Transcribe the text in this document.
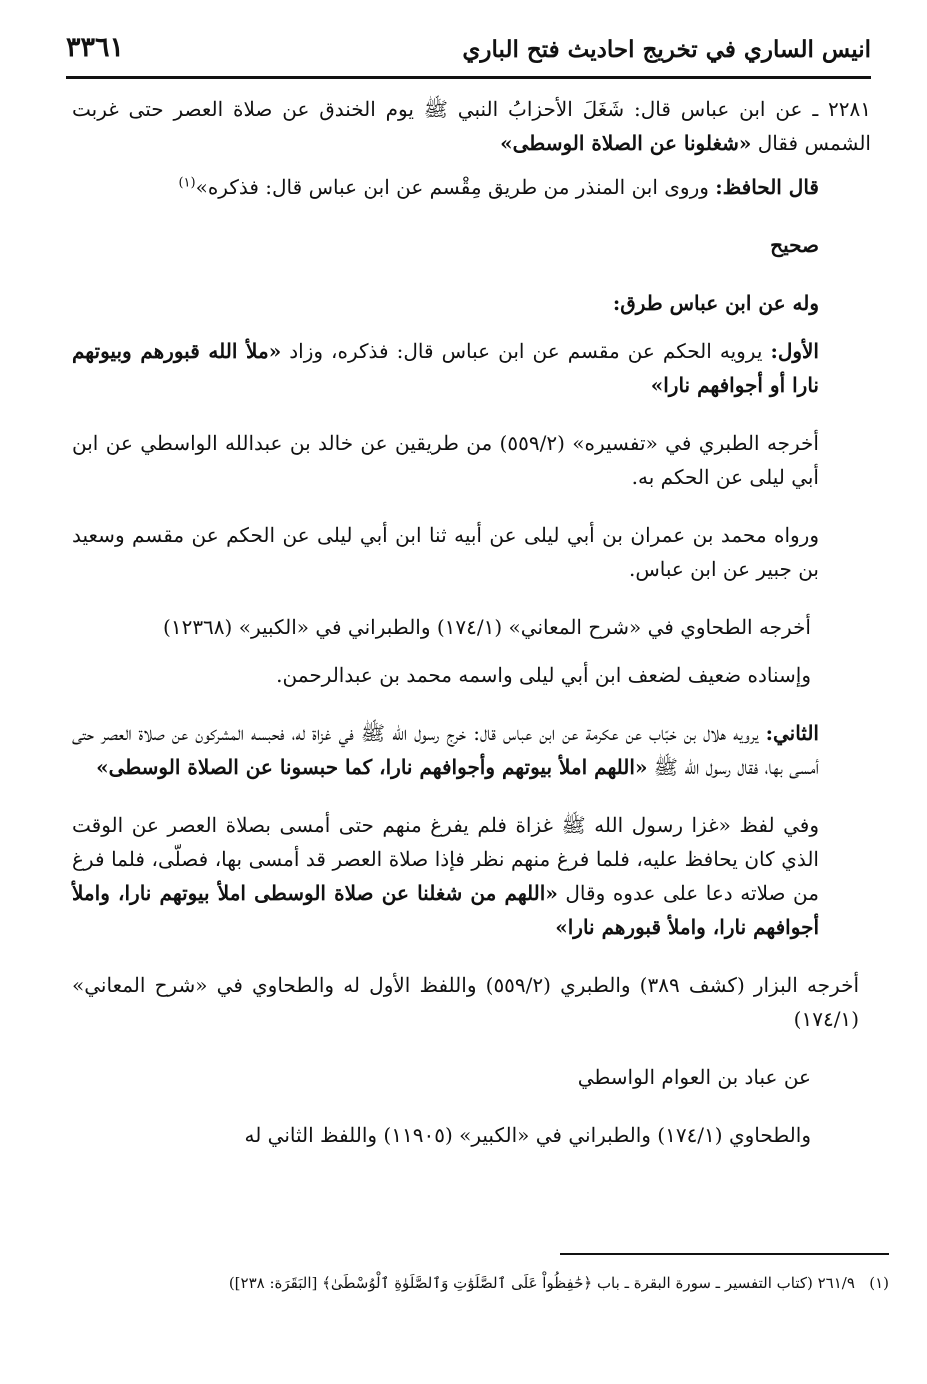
انيس الساري في تخريج احاديث فتح الباري
٣٣٦١

٢٢٨١ ـ عن ابن عباس قال: شَغَلَ الأحزابُ النبي ﷺ يوم الخندق عن صلاة العصر حتى غربت الشمس فقال «شغلونا عن الصلاة الوسطى»

قال الحافظ: وروى ابن المنذر من طريق مِقْسم عن ابن عباس قال: فذكره»$^{(١)}$

صحيح

وله عن ابن عباس طرق:

الأول: يرويه الحكم عن مقسم عن ابن عباس قال: فذكره، وزاد «ملأ الله قبورهم وبيوتهم نارا أو أجوافهم نارا»

أخرجه الطبري في «تفسيره» (٥٥٩/٢) من طريقين عن خالد بن عبدالله الواسطي عن ابن أبي ليلى عن الحكم به.

ورواه محمد بن عمران بن أبي ليلى عن أبيه ثنا ابن أبي ليلى عن الحكم عن مقسم وسعيد بن جبير عن ابن عباس.

أخرجه الطحاوي في «شرح المعاني» (١٧٤/١) والطبراني في «الكبير» (١٢٣٦٨)

وإسناده ضعيف لضعف ابن أبي ليلى واسمه محمد بن عبدالرحمن.

الثاني: يرويه هلال بن خبّاب عن عكرمة عن ابن عباس قال: خرج رسول الله ﷺ في غزاة له، فحبسه المشركون عن صلاة العصر حتى أمسى بها، فقال رسول الله ﷺ «اللهم املأ بيوتهم وأجوافهم نارا، كما حبسونا عن الصلاة الوسطى»

وفي لفظ «غزا رسول الله ﷺ غزاة فلم يفرغ منهم حتى أمسى بصلاة العصر عن الوقت الذي كان يحافظ عليه، فلما فرغ منهم نظر فإذا صلاة العصر قد أمسى بها، فصلّى، فلما فرغ من صلاته دعا على عدوه وقال «اللهم من شغلنا عن صلاة الوسطى املأ بيوتهم نارا، واملأ أجوافهم نارا، واملأ قبورهم نارا»

أخرجه البزار (كشف ٣٨٩) والطبري (٥٥٩/٢) واللفظ الأول له والطحاوي في «شرح المعاني» (١٧٤/١)

عن عباد بن العوام الواسطي

والطحاوي (١٧٤/١) والطبراني في «الكبير» (١١٩٠٥) واللفظ الثاني له

(١)   ٢٦١/٩ (كتاب التفسير ـ سورة البقرة ـ باب ﴿حَٰفِظُواْ عَلَى ٱلصَّلَوَٰتِ وَٱلصَّلَوٰةِ ٱلْوُسْطَىٰ﴾ [البَقَرَة: ٢٣٨])
